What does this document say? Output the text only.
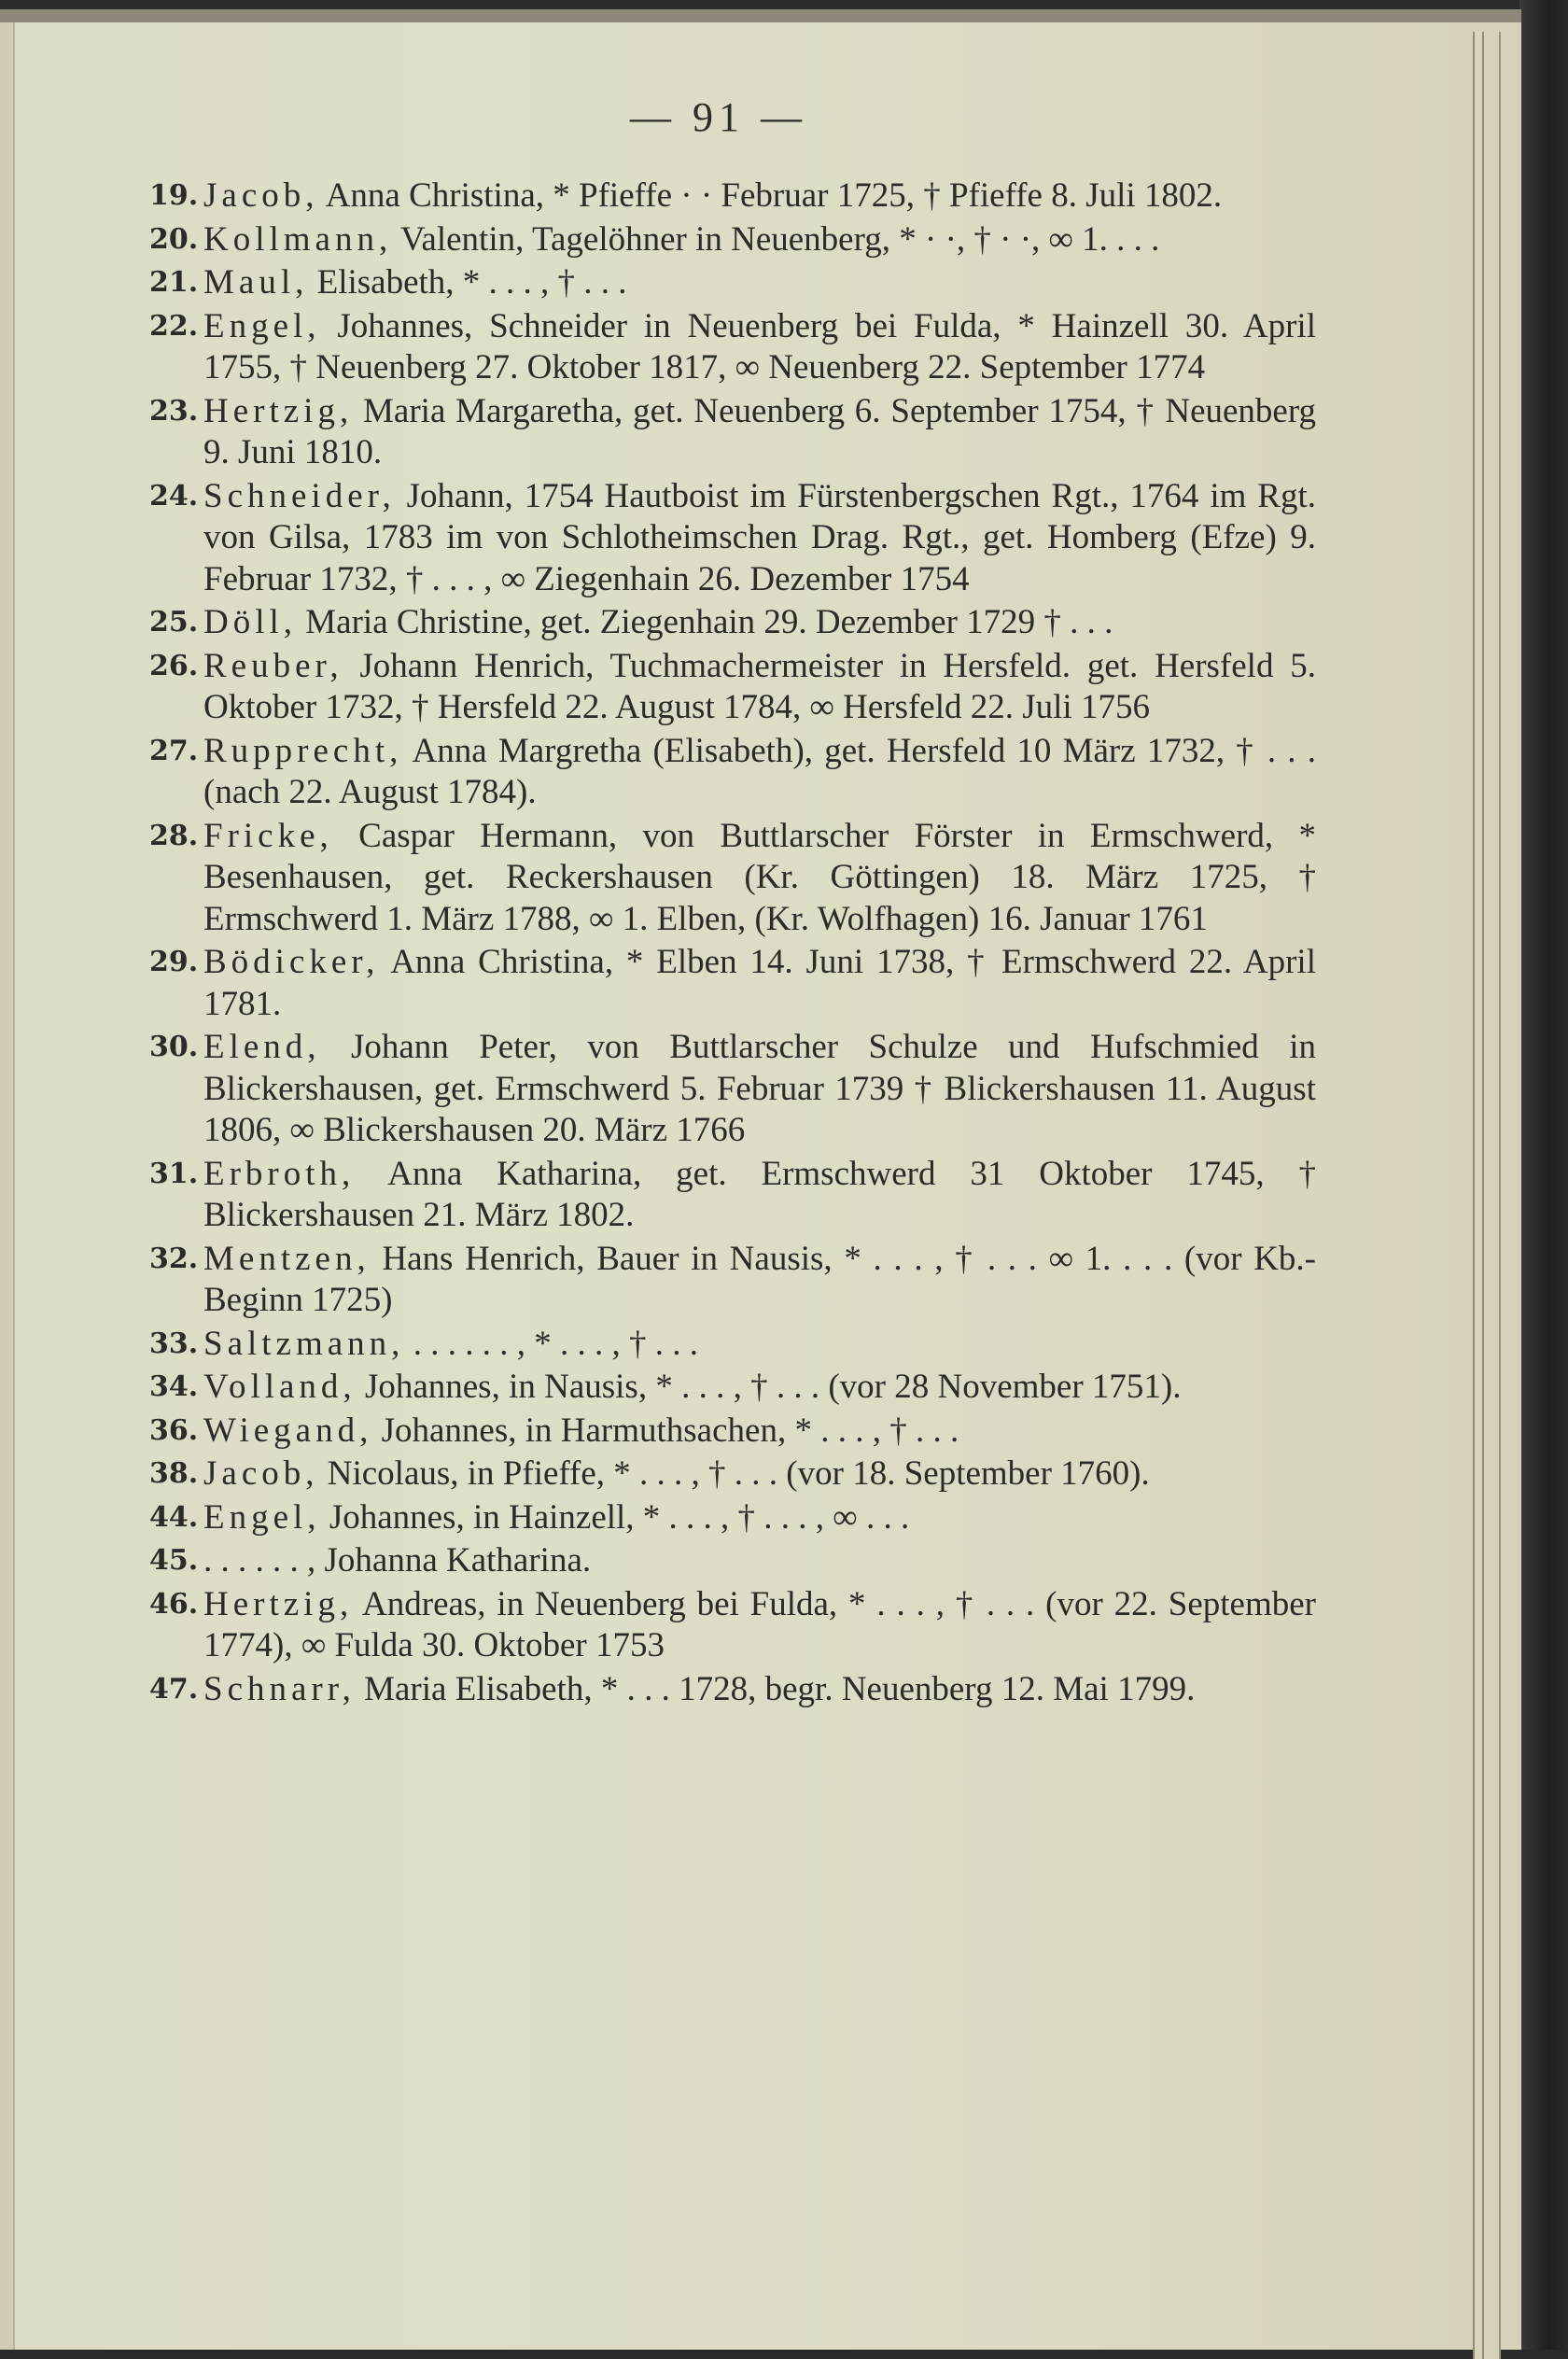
— 91 —
19. Jacob, Anna Christina, * Pfieffe · · Februar 1725, † Pfieffe 8. Juli 1802.
20. Kollmann, Valentin, Tagelöhner in Neuenberg, * · ·, † · ·, ∞ 1. . . .
21. Maul, Elisabeth, * . . . , † . . .
22. Engel, Johannes, Schneider in Neuenberg bei Fulda, * Hainzell 30. April 1755, † Neuenberg 27. Oktober 1817, ∞ Neuenberg 22. September 1774
23. Hertzig, Maria Margaretha, get. Neuenberg 6. September 1754, † Neuenberg 9. Juni 1810.
24. Schneider, Johann, 1754 Hautboist im Fürstenbergschen Rgt., 1764 im Rgt. von Gilsa, 1783 im von Schlotheimschen Drag. Rgt., get. Homberg (Efze) 9. Februar 1732, † . . . , ∞ Ziegenhain 26. Dezember 1754
25. Döll, Maria Christine, get. Ziegenhain 29. Dezember 1729 † . . .
26. Reuber, Johann Henrich, Tuchmachermeister in Hersfeld. get. Hersfeld 5. Oktober 1732, † Hersfeld 22. August 1784, ∞ Hersfeld 22. Juli 1756
27. Rupprecht, Anna Margretha (Elisabeth), get. Hersfeld 10 März 1732, † . . . (nach 22. August 1784).
28. Fricke, Caspar Hermann, von Buttlarscher Förster in Ermschwerd, * Besenhausen, get. Reckershausen (Kr. Göttingen) 18. März 1725, † Ermschwerd 1. März 1788, ∞ 1. Elben, (Kr. Wolfhagen) 16. Januar 1761
29. Bödicker, Anna Christina, * Elben 14. Juni 1738, † Ermschwerd 22. April 1781.
30. Elend, Johann Peter, von Buttlarscher Schulze und Hufschmied in Blickershausen, get. Ermschwerd 5. Februar 1739 † Blickershausen 11. August 1806, ∞ Blickershausen 20. März 1766
31. Erbroth, Anna Katharina, get. Ermschwerd 31 Oktober 1745, † Blickershausen 21. März 1802.
32. Mentzen, Hans Henrich, Bauer in Nausis, * . . . , † . . . ∞ 1. . . . (vor Kb.-Beginn 1725)
33. Saltzmann, . . . . . . , * . . . , † . . .
34. Volland, Johannes, in Nausis, * . . . , † . . . (vor 28 November 1751).
36. Wiegand, Johannes, in Harmuthsachen, * . . . , † . . .
38. Jacob, Nicolaus, in Pfieffe, * . . . , † . . . (vor 18. September 1760).
44. Engel, Johannes, in Hainzell, * . . . , † . . . , ∞ . . .
45. . . . . . . , Johanna Katharina.
46. Hertzig, Andreas, in Neuenberg bei Fulda, * . . . , † . . . (vor 22. September 1774), ∞ Fulda 30. Oktober 1753
47. Schnarr, Maria Elisabeth, * . . . 1728, begr. Neuenberg 12. Mai 1799.
